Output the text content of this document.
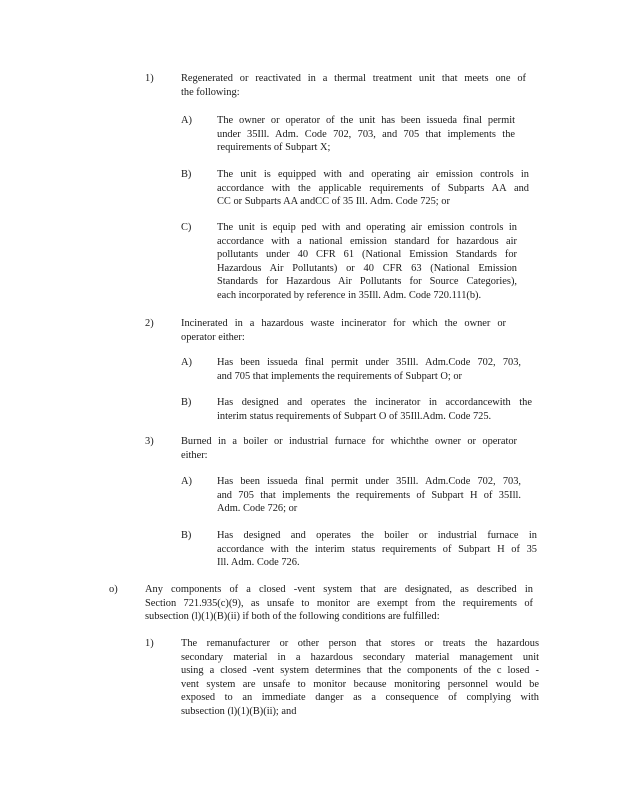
1)	Regenerated or reactivated in a thermal treatment unit that meets one of
the following:
A) The owner or operator of the unit has been issueda final permit
under 35Ill. Adm. Code 702, 703, and 705 that implements the
requirements of Subpart X;
B) The unit is equipped with and operating air emission controls in
accordance with the applicable requirements of Subparts AA and
CC or Subparts AA andCC of 35 Ill. Adm. Code 725; or
C) The unit is equip ped with and operating air emission controls in
accordance with a national emission standard for hazardous air
pollutants under 40 CFR 61 (National Emission Standards for
Hazardous Air Pollutants) or 40 CFR 63 (National Emission
Standards for Hazardous Air Pollutants for Source Categories),
each incorporated by reference in 35Ill. Adm. Code 720.111(b).
2)	Incinerated in a hazardous waste incinerator for which the owner or
operator either:
A) Has been issueda final permit under 35Ill. Adm.Code 702, 703,
and 705 that implements the requirements of Subpart O; or
B) Has designed and operates the incinerator in accordancewith the
interim status requirements of Subpart O of 35Ill.Adm. Code 725.
3)	Burned in a boiler or industrial furnace for whichthe owner or operator
either:
A) Has been issueda final permit under 35Ill. Adm.Code 702, 703,
and 705 that implements the requirements of Subpart H of 35Ill.
Adm. Code 726; or
B) Has designed and operates the boiler or industrial furnace in
accordance with the interim status requirements of Subpart H of 35
Ill. Adm. Code 726.
o)	Any components of a closed -vent system that are designated, as described in
Section 721.935(c)(9), as unsafe to monitor are exempt from the requirements of
subsection (l)(1)(B)(ii) if both of the following conditions are fulfilled:
1)	The remanufacturer or other person that stores or treats the hazardous
secondary material in a hazardous secondary material management unit
using a closed -vent system determines that the components of the c losed -
vent system are unsafe to monitor because monitoring personnel would be
exposed to an immediate danger as a consequence of complying with
subsection (l)(1)(B)(ii); and
